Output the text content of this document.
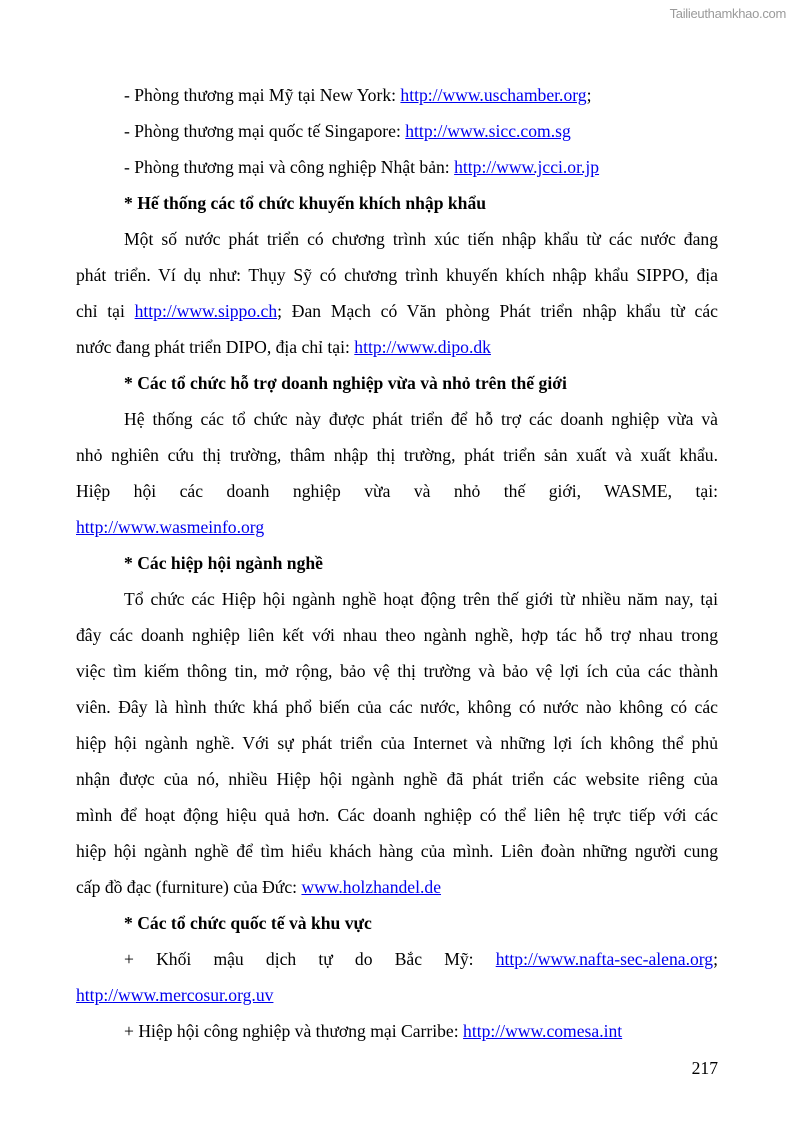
Tailieuthamkhao.com
- Phòng thương mại Mỹ tại New York: http://www.uschamber.org;
- Phòng thương mại quốc tế Singapore: http://www.sicc.com.sg
- Phòng thương mại và công nghiệp Nhật bản: http://www.jcci.or.jp
* Hế thống các tổ chức khuyến khích nhập khẩu
Một số nước phát triển có chương trình xúc tiến nhập khẩu từ các nước đang
phát triển. Ví dụ như: Thụy Sỹ có chương trình khuyến khích nhập khẩu SIPPO, địa
chỉ tại http://www.sippo.ch; Đan Mạch có Văn phòng Phát triển nhập khẩu từ các
nước đang phát triển DIPO, địa chỉ tại: http://www.dipo.dk
* Các tổ chức hỗ trợ doanh nghiệp vừa và nhỏ trên thế giới
Hệ thống các tổ chức này được phát triển để hỗ trợ các doanh nghiệp vừa và
nhỏ nghiên cứu thị trường, thâm nhập thị trường, phát triển sản xuất và xuất khẩu.
Hiệp hội các doanh nghiệp vừa và nhỏ thế giới, WASME, tại:
http://www.wasmeinfo.org
* Các hiệp hội ngành nghề
Tổ chức các Hiệp hội ngành nghề hoạt động trên thế giới từ nhiều năm nay, tại
đây các doanh nghiệp liên kết với nhau theo ngành nghề, hợp tác hỗ trợ nhau trong
việc tìm kiếm thông tin, mở rộng, bảo vệ thị trường và bảo vệ lợi ích của các thành
viên. Đây là hình thức khá phổ biến của các nước, không có nước nào không có các
hiệp hội ngành nghề. Với sự phát triển của Internet và những lợi ích không thể phủ
nhận được của nó, nhiều Hiệp hội ngành nghề đã phát triển các website riêng của
mình để hoạt động hiệu quả hơn. Các doanh nghiệp có thể liên hệ trực tiếp với các
hiệp hội ngành nghề để tìm hiểu khách hàng của mình. Liên đoàn những người cung
cấp đồ đạc (furniture) của Đức: www.holzhandel.de
* Các tổ chức quốc tế và khu vực
+ Khối mậu dịch tự do Bắc Mỹ: http://www.nafta-sec-alena.org;
http://www.mercosur.org.uv
+ Hiệp hội công nghiệp và thương mại Carribe: http://www.comesa.int
217
